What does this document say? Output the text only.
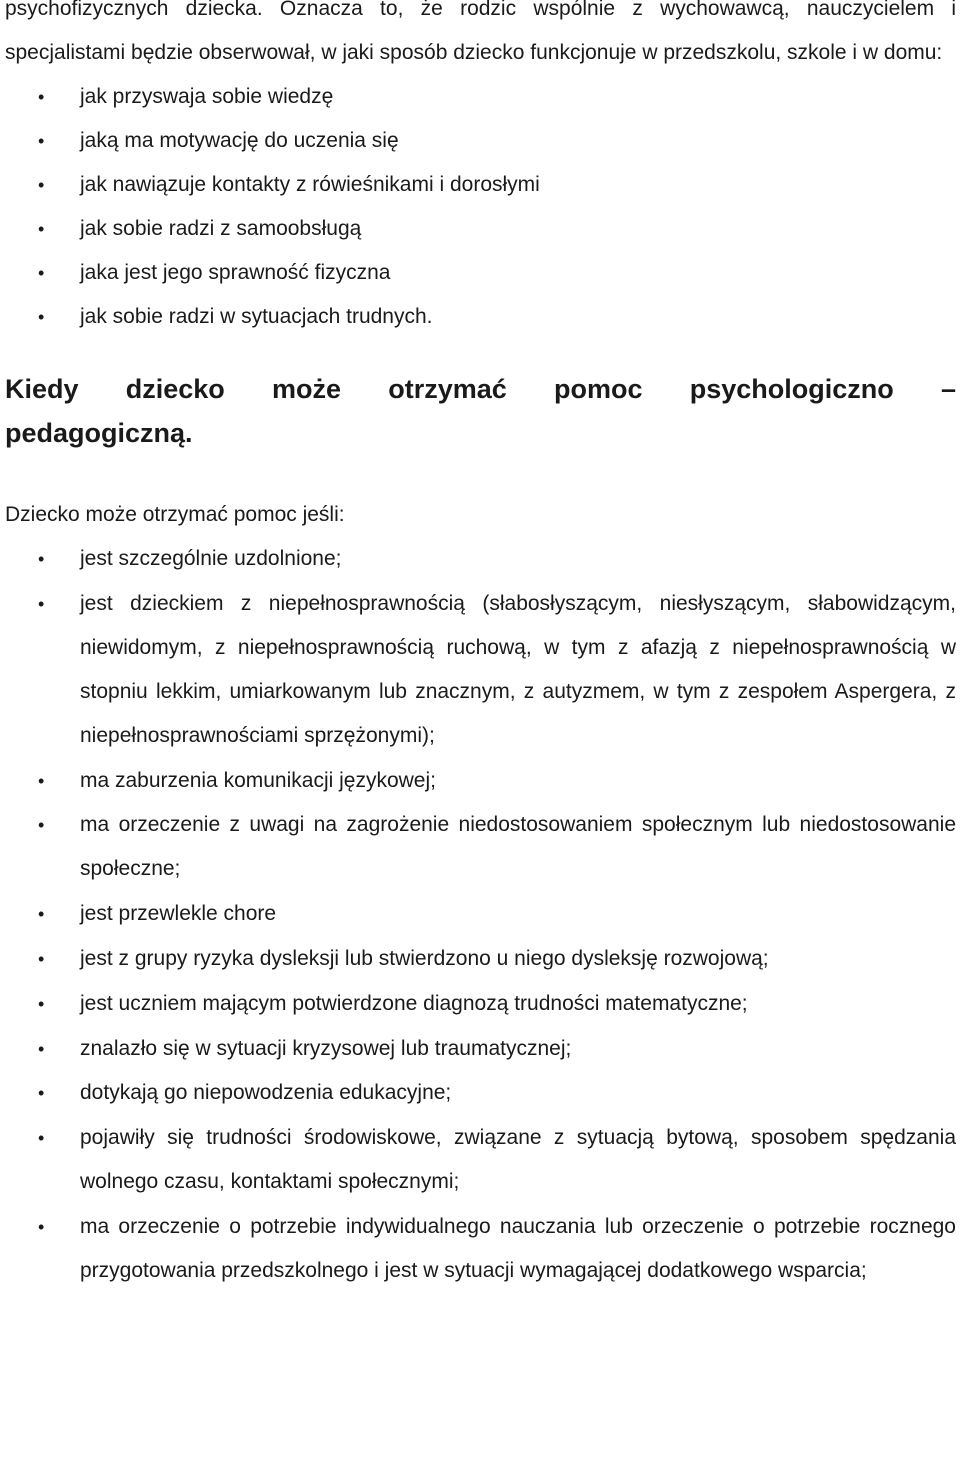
psychofizycznych dziecka. Oznacza to, że rodzic wspólnie z wychowawcą, nauczycielem i specjalistami będzie obserwował, w jaki sposób dziecko funkcjonuje w przedszkolu, szkole i w domu:

•	jak przyswaja sobie wiedzę
•	jaką ma motywację do uczenia się
•	jak nawiązuje kontakty z rówieśnikami i dorosłymi
•	jak sobie radzi z samoobsługą
•	jaka jest jego sprawność fizyczna
•	jak sobie radzi w sytuacjach trudnych.
Kiedy dziecko może otrzymać pomoc psychologiczno – pedagogiczną.

Dziecko może otrzymać pomoc jeśli:

•	jest szczególnie uzdolnione;
•	jest dzieckiem z niepełnosprawnością (słabosłyszącym, niesłyszącym, słabowidzącym, niewidomym, z niepełnosprawnością ruchową, w tym z afazją z niepełnosprawnością w stopniu lekkim, umiarkowanym lub znacznym, z autyzmem, w tym z zespołem Aspergera, z niepełnosprawnościami sprzężonymi);
•	ma zaburzenia komunikacji językowej;
•	ma orzeczenie z uwagi na zagrożenie niedostosowaniem społecznym lub niedostosowanie społeczne;
•	jest przewlekle chore
•	jest z grupy ryzyka dysleksji lub stwierdzono u niego dysleksję rozwojową;
•	jest uczniem mającym potwierdzone diagnozą trudności matematyczne;
•	znalazło się w sytuacji kryzysowej lub traumatycznej;
•	dotykają go niepowodzenia edukacyjne;
•	pojawiły się trudności środowiskowe, związane z sytuacją bytową, sposobem spędzania wolnego czasu, kontaktami społecznymi;
•	ma orzeczenie o potrzebie indywidualnego nauczania lub orzeczenie o potrzebie rocznego przygotowania przedszkolnego i jest w sytuacji wymagającej dodatkowego wsparcia;
